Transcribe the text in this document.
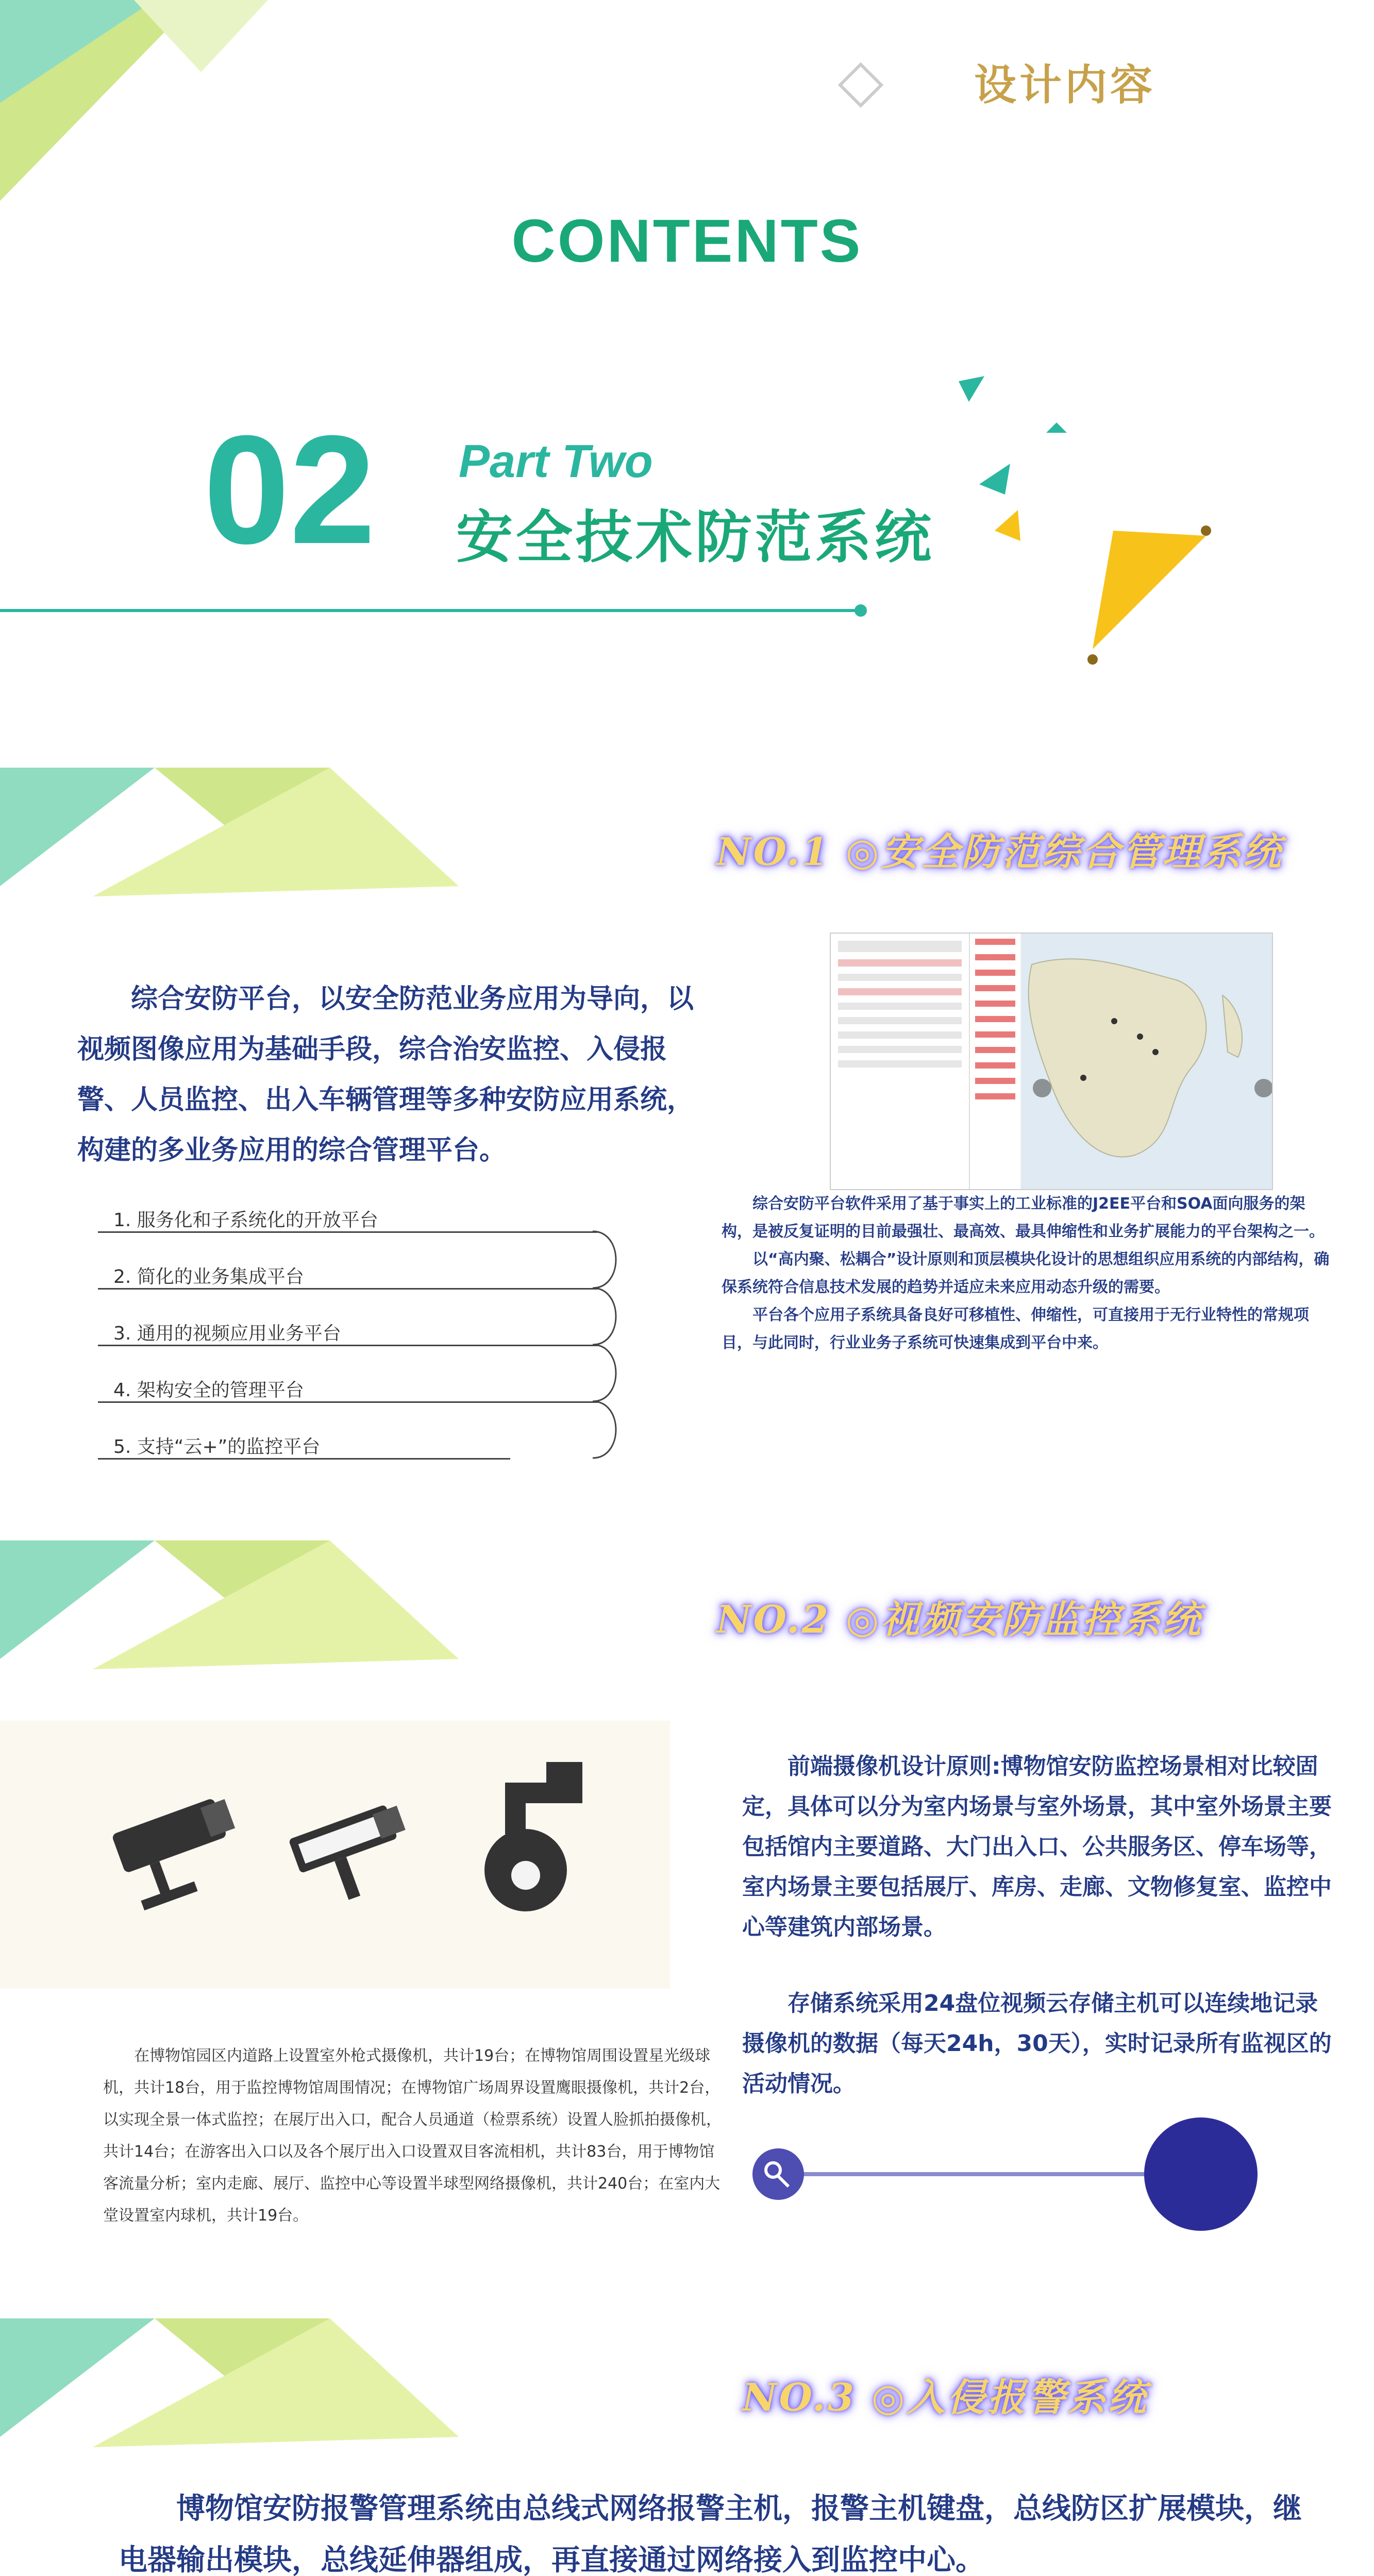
设计内容
CONTENTS
02 Part Two
安全技术防范系统
NO.1 ◎安全防范综合管理系统
综合安防平台，以安全防范业务应用为导向，以视频图像应用为基础手段，综合治安监控、入侵报警、人员监控、出入车辆管理等多种安防应用系统，构建的多业务应用的综合管理平台。
1. 服务化和子系统化的开放平台
2. 简化的业务集成平台
3. 通用的视频应用业务平台
4. 架构安全的管理平台
5. 支持“云+”的监控平台

综合安防平台软件采用了基于事实上的工业标准的J2EE平台和SOA面向服务的架构，是被反复证明的目前最强壮、最高效、最具伸缩性和业务扩展能力的平台架构之一。

以“高内聚、松耦合”设计原则和顶层模块化设计的思想组织应用系统的内部结构，确保系统符合信息技术发展的趋势并适应未来应用动态升级的需要。

平台各个应用子系统具备良好可移植性、伸缩性，可直接用于无行业特性的常规项目，与此同时，行业业务子系统可快速集成到平台中来。

NO.2 ◎视频安防监控系统
在博物馆园区内道路上设置室外枪式摄像机，共计19台；在博物馆周围设置星光级球机，共计18台，用于监控博物馆周围情况；在博物馆广场周界设置鹰眼摄像机，共计2台，以实现全景一体式监控；在展厅出入口，配合人员通道（检票系统）设置人脸抓拍摄像机，共计14台；在游客出入口以及各个展厅出入口设置双目客流相机，共计83台，用于博物馆客流量分析；室内走廊、展厅、监控中心等设置半球型网络摄像机，共计240台；在室内大堂设置室内球机，共计19台。
前端摄像机设计原则:博物馆安防监控场景相对比较固定，具体可以分为室内场景与室外场景，其中室外场景主要包括馆内主要道路、大门出入口、公共服务区、停车场等，室内场景主要包括展厅、库房、走廊、文物修复室、监控中心等建筑内部场景。
存储系统采用24盘位视频云存储主机可以连续地记录摄像机的数据（每天24h，30天），实时记录所有监视区的活动情况。
NO.3 ◎入侵报警系统
博物馆安防报警管理系统由总线式网络报警主机，报警主机键盘，总线防区扩展模块，继电器输出模块，总线延伸器组成，再直接通过网络接入到监控中心。
